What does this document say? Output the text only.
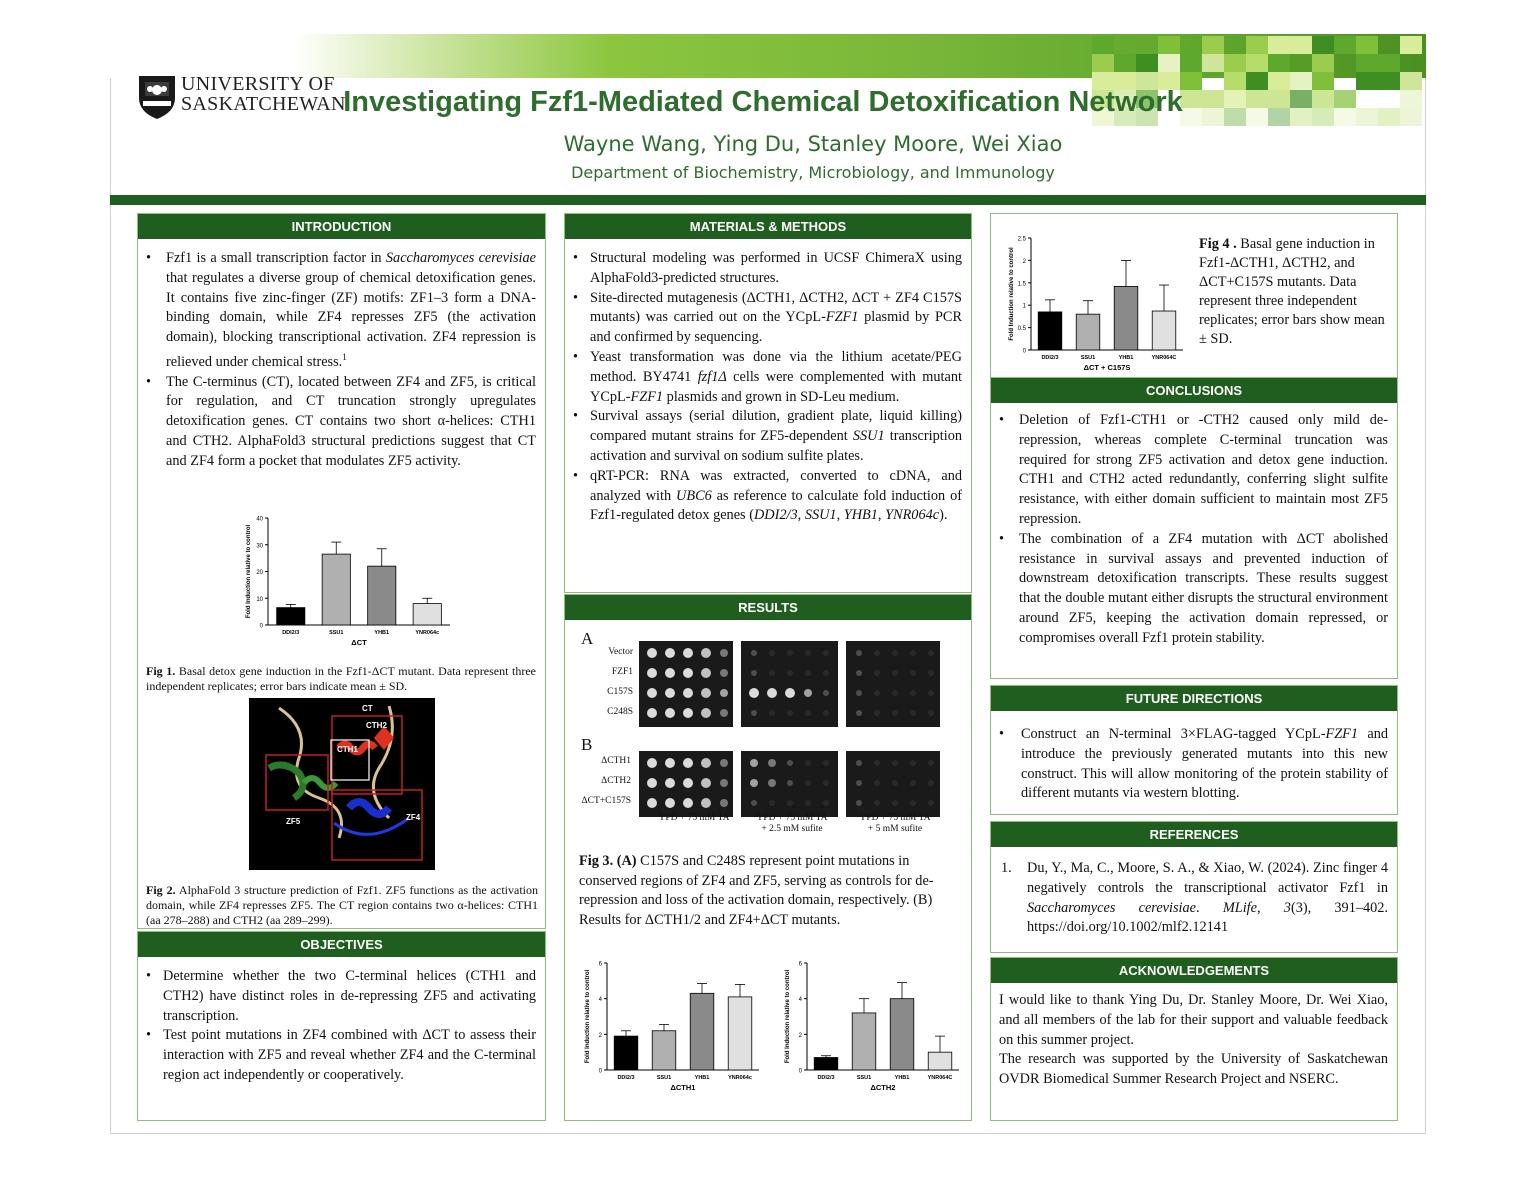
UNIVERSITY OF
SASKATCHEWAN
Investigating Fzf1-Mediated Chemical Detoxification Network
Wayne Wang, Ying Du, Stanley Moore, Wei Xiao
Department of Biochemistry, Microbiology, and Immunology
INTRODUCTION
• Fzf1 is a small transcription factor in Saccharomyces cerevisiae that regulates a diverse group of chemical detoxification genes. It contains five zinc-finger (ZF) motifs: ZF1–3 form a DNA-binding domain, while ZF4 represses ZF5 (the activation domain), blocking transcriptional activation. ZF4 repression is relieved under chemical stress.$^1$
• The C-terminus (CT), located between ZF4 and ZF5, is critical for regulation, and CT truncation strongly upregulates detoxification genes. CT contains two short α-helices: CTH1 and CTH2. AlphaFold3 structural predictions suggest that CT and ZF4 form a pocket that modulates ZF5 activity.
0
10
20
30
40
DDI2/3	SSU1	YHB1	YNR064c
ΔCT
Fold Induction relative to control
Fig 1. Basal detox gene induction in the Fzf1-ΔCT mutant. Data represent three independent replicates; error bars indicate mean ± SD.
CT
CTH2
CTH1
ZF5	ZF4
Fig 2. AlphaFold 3 structure prediction of Fzf1. ZF5 functions as the activation domain, while ZF4 represses ZF5. The CT region contains two α-helices: CTH1 (aa 278–288) and CTH2 (aa 289–299).
OBJECTIVES
• Determine whether the two C-terminal helices (CTH1 and CTH2) have distinct roles in de-repressing ZF5 and activating transcription.
• Test point mutations in ZF4 combined with ΔCT to assess their interaction with ZF5 and reveal whether ZF4 and the C-terminal region act independently or cooperatively.
MATERIALS & METHODS
• Structural modeling was performed in UCSF ChimeraX using AlphaFold3-predicted structures.
• Site-directed mutagenesis (ΔCTH1, ΔCTH2, ΔCT + ZF4 C157S mutants) was carried out on the YCpL-FZF1 plasmid by PCR and confirmed by sequencing.
• Yeast transformation was done via the lithium acetate/PEG method. BY4741 fzf1Δ cells were complemented with mutant YCpL-FZF1 plasmids and grown in SD-Leu medium.
• Survival assays (serial dilution, gradient plate, liquid killing) compared mutant strains for ZF5-dependent SSU1 transcription activation and survival on sodium sulfite plates.
• qRT-PCR: RNA was extracted, converted to cDNA, and analyzed with UBC6 as reference to calculate fold induction of Fzf1-regulated detox genes (DDI2/3, SSU1, YHB1, YNR064c).
RESULTS
A
B
Vector
FZF1
C157S
C248S
ΔCTH1
ΔCTH2
ΔCT+C157S
YPD + 75 mM TA	YPD + 75 mM TA
+ 2.5 mM sufite
YPD + 75 mM TA
+ 5 mM sufite
Fig 3. (A) C157S and C248S represent point mutations in conserved regions of ZF4 and ZF5, serving as controls for de-repression and loss of the activation domain, respectively. (B) Results for ΔCTH1/2 and ZF4+ΔCT mutants.
0
2
4
6
DDI2/3	SSU1	YHB1	YNR064c
ΔCTH1
Fold Induction relative to control
0
2
4
6
DDI2/3	SSU1	YHB1	YNR064C
ΔCTH2
Fold Induction relative to control
0
0.5
1
1.5
2
2.5
DDI2/3	SSU1	YHB1	YNR064C
ΔCT + C157S
Fold Induction relative to control
Fig 4 . Basal gene induction in Fzf1-ΔCTH1, ΔCTH2, and ΔCT+C157S mutants. Data represent three independent replicates; error bars show mean ± SD.
CONCLUSIONS
• Deletion of Fzf1-CTH1 or -CTH2 caused only mild de-repression, whereas complete C-terminal truncation was required for strong ZF5 activation and detox gene induction. CTH1 and CTH2 acted redundantly, conferring slight sulfite resistance, with either domain sufficient to maintain most ZF5 repression.
• The combination of a ZF4 mutation with ΔCT abolished resistance in survival assays and prevented induction of downstream detoxification transcripts. These results suggest that the double mutant either disrupts the structural environment around ZF5, keeping the activation domain repressed, or compromises overall Fzf1 protein stability.
FUTURE DIRECTIONS
• Construct an N-terminal 3×FLAG-tagged YCpL-FZF1 and introduce the previously generated mutants into this new construct. This will allow monitoring of the protein stability of different mutants via western blotting.
REFERENCES
1. Du, Y., Ma, C., Moore, S. A., & Xiao, W. (2024). Zinc finger 4 negatively controls the transcriptional activator Fzf1 in Saccharomyces cerevisiae. MLife, 3(3), 391–402. https://doi.org/10.1002/mlf2.12141
ACKNOWLEDGEMENTS
I would like to thank Ying Du, Dr. Stanley Moore, Dr. Wei Xiao, and all members of the lab for their support and valuable feedback on this summer project.
The research was supported by the University of Saskatchewan OVDR Biomedical Summer Research Project and NSERC.
